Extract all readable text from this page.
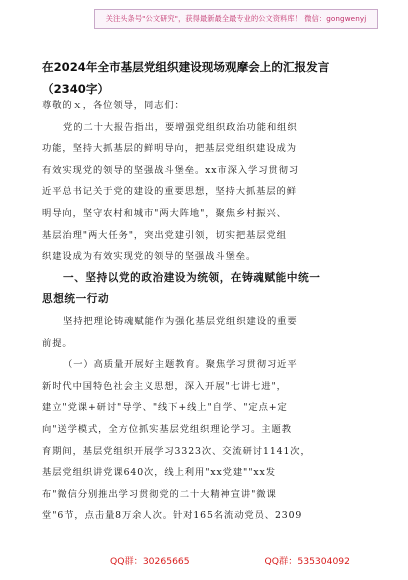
关注头条号"公文研究"，获得最新最全最专业的公文资料库！ 微信：gongwenyj
在2024年全市基层党组织建设现场观摩会上的汇报发言
（2340字）
尊敬的ｘ，各位领导，同志们：
党的二十大报告指出，要增强党组织政治功能和组织
功能，坚持大抓基层的鲜明导向，把基层党组织建设成为
有效实现党的领导的坚强战斗堡垒。xx市深入学习贯彻习
近平总书记关于党的建设的重要思想，坚持大抓基层的鲜
明导向，坚守农村和城市"两大阵地"，聚焦乡村振兴、
基层治理"两大任务"，突出党建引领，切实把基层党组
织建设成为有效实现党的领导的坚强战斗堡垒。
一、坚持以党的政治建设为统领，在铸魂赋能中统一
思想统一行动
坚持把理论铸魂赋能作为强化基层党组织建设的重要
前提。
（一）高质量开展好主题教育。聚焦学习贯彻习近平
新时代中国特色社会主义思想，深入开展"七讲七进"，
建立"党课+研讨"导学、"线下+线上"自学、"定点+定
向"送学模式，全方位抓实基层党组织理论学习。主题教
育期间，基层党组织开展学习3323次、交流研讨1141次，
基层党组织讲党课640次，线上利用"xx党建""xx发
布"微信分别推出学习贯彻党的二十大精神宣讲"微课
堂"6节，点击量8万余人次。针对165名流动党员、2309
QQ群：30265665	QQ群：535304092
